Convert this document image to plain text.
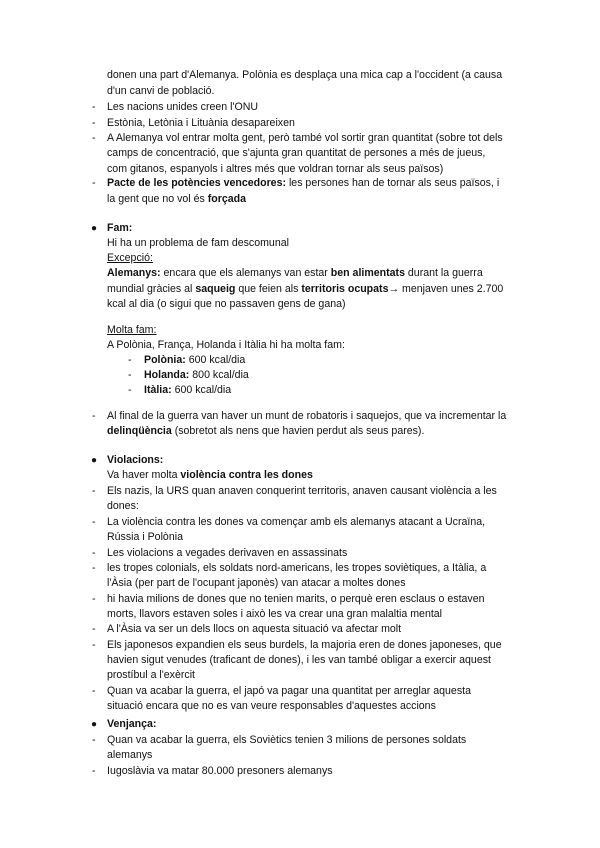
donen una part d'Alemanya. Polònia es desplaça una mica cap a l'occident (a causa
d'un canvi de població.
- Les nacions unides creen l'ONU
- Estònia, Letònia i Lituània desapareixen
- A Alemanya vol entrar molta gent, però també vol sortir gran quantitat (sobre tot dels
camps de concentració, que s'ajunta gran quantitat de persones a més de jueus,
com gitanos, espanyols i altres més que voldran tornar als seus països)
- Pacte de les potències vencedores: les persones han de tornar als seus països, i
la gent que no vol és forçada
● Fam:
Hi ha un problema de fam descomunal
Excepció:
Alemanys: encara que els alemanys van estar ben alimentats durant la guerra
mundial gràcies al saqueig que feien als territoris ocupats→ menjaven unes 2.700
kcal al dia (o sigui que no passaven gens de gana)
Molta fam:
A Polònia, França, Holanda i Itàlia hi ha molta fam:
- Polònia: 600 kcal/dia
- Holanda: 800 kcal/dia
- Itàlia: 600 kcal/dia
- Al final de la guerra van haver un munt de robatoris i saquejos, que va incrementar la
delinqüència (sobretot als nens que havien perdut als seus pares).
● Violacions:
Va haver molta violència contra les dones
- Els nazis, la URS quan anaven conquerint territoris, anaven causant violència a les
dones:
- La violència contra les dones va començar amb els alemanys atacant a Ucraïna,
Rússia i Polònia
- Les violacions a vegades derivaven en assassinats
- les tropes colonials, els soldats nord-americans, les tropes soviètiques, a Itàlia, a
l'Àsia (per part de l'ocupant japonès) van atacar a moltes dones
- hi havia milions de dones que no tenien marits, o perquè eren esclaus o estaven
morts, llavors estaven soles i això les va crear una gran malaltia mental
- A l'Àsia va ser un dels llocs on aquesta situació va afectar molt
- Els japonesos expandien els seus burdels, la majoria eren de dones japoneses, que
havien sigut venudes (traficant de dones), i les van també obligar a exercir aquest
prostíbul a l'exèrcit
- Quan va acabar la guerra, el japó va pagar una quantitat per arreglar aquesta
situació encara que no es van veure responsables d'aquestes accions
● Venjança:
- Quan va acabar la guerra, els Soviètics tenien 3 milions de persones soldats
alemanys
- Iugoslàvia va matar 80.000 presoners alemanys
